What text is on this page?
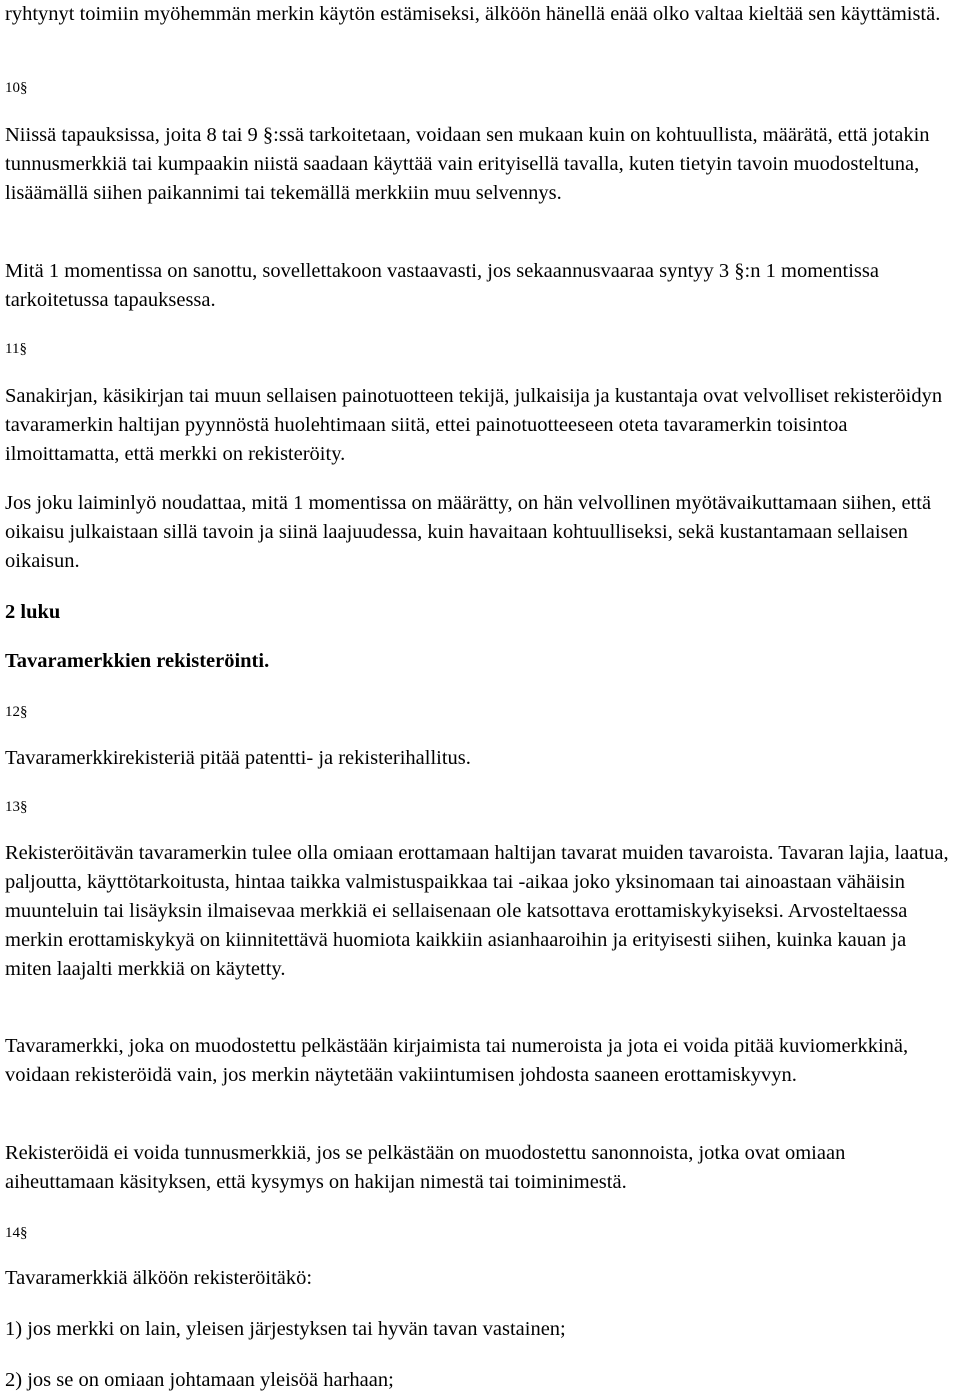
ryhtynyt toimiin myöhemmän merkin käytön estämiseksi, älköön hänellä enää olko valtaa kieltää sen käyttämistä.

10§

Niissä tapauksissa, joita 8 tai 9 §:ssä tarkoitetaan, voidaan sen mukaan kuin on kohtuullista, määrätä, että jotakin tunnusmerkkiä tai kumpaakin niistä saadaan käyttää vain erityisellä tavalla, kuten tietyin tavoin muodosteltuna, lisäämällä siihen paikannimi tai tekemällä merkkiin muu selvennys.

Mitä 1 momentissa on sanottu, sovellettakoon vastaavasti, jos sekaannusvaaraa syntyy 3 §:n 1 momentissa tarkoitetussa tapauksessa.

11§

Sanakirjan, käsikirjan tai muun sellaisen painotuotteen tekijä, julkaisija ja kustantaja ovat velvolliset rekisteröidyn tavaramerkin haltijan pyynnöstä huolehtimaan siitä, ettei painotuotteeseen oteta tavaramerkin toisintoa ilmoittamatta, että merkki on rekisteröity.

Jos joku laiminlyö noudattaa, mitä 1 momentissa on määrätty, on hän velvollinen myötävaikuttamaan siihen, että oikaisu julkaistaan sillä tavoin ja siinä laajuudessa, kuin havaitaan kohtuulliseksi, sekä kustantamaan sellaisen oikaisun.

2 luku

Tavaramerkkien rekisteröinti.

12§

Tavaramerkkirekisteriä pitää patentti- ja rekisterihallitus.

13§

Rekisteröitävän tavaramerkin tulee olla omiaan erottamaan haltijan tavarat muiden tavaroista. Tavaran lajia, laatua, paljoutta, käyttötarkoitusta, hintaa taikka valmistuspaikkaa tai -aikaa joko yksinomaan tai ainoastaan vähäisin muunteluin tai lisäyksin ilmaisevaa merkkiä ei sellaisenaan ole katsottava erottamiskykyiseksi. Arvosteltaessa merkin erottamiskykyä on kiinnitettävä huomiota kaikkiin asianhaaroihin ja erityisesti siihen, kuinka kauan ja miten laajalti merkkiä on käytetty.

Tavaramerkki, joka on muodostettu pelkästään kirjaimista tai numeroista ja jota ei voida pitää kuviomerkkinä, voidaan rekisteröidä vain, jos merkin näytetään vakiintumisen johdosta saaneen erottamiskyvyn.

Rekisteröidä ei voida tunnusmerkkiä, jos se pelkästään on muodostettu sanonnoista, jotka ovat omiaan aiheuttamaan käsityksen, että kysymys on hakijan nimestä tai toiminimestä.

14§

Tavaramerkkiä älköön rekisteröitäkö:

1) jos merkki on lain, yleisen järjestyksen tai hyvän tavan vastainen;

2) jos se on omiaan johtamaan yleisöä harhaan;
